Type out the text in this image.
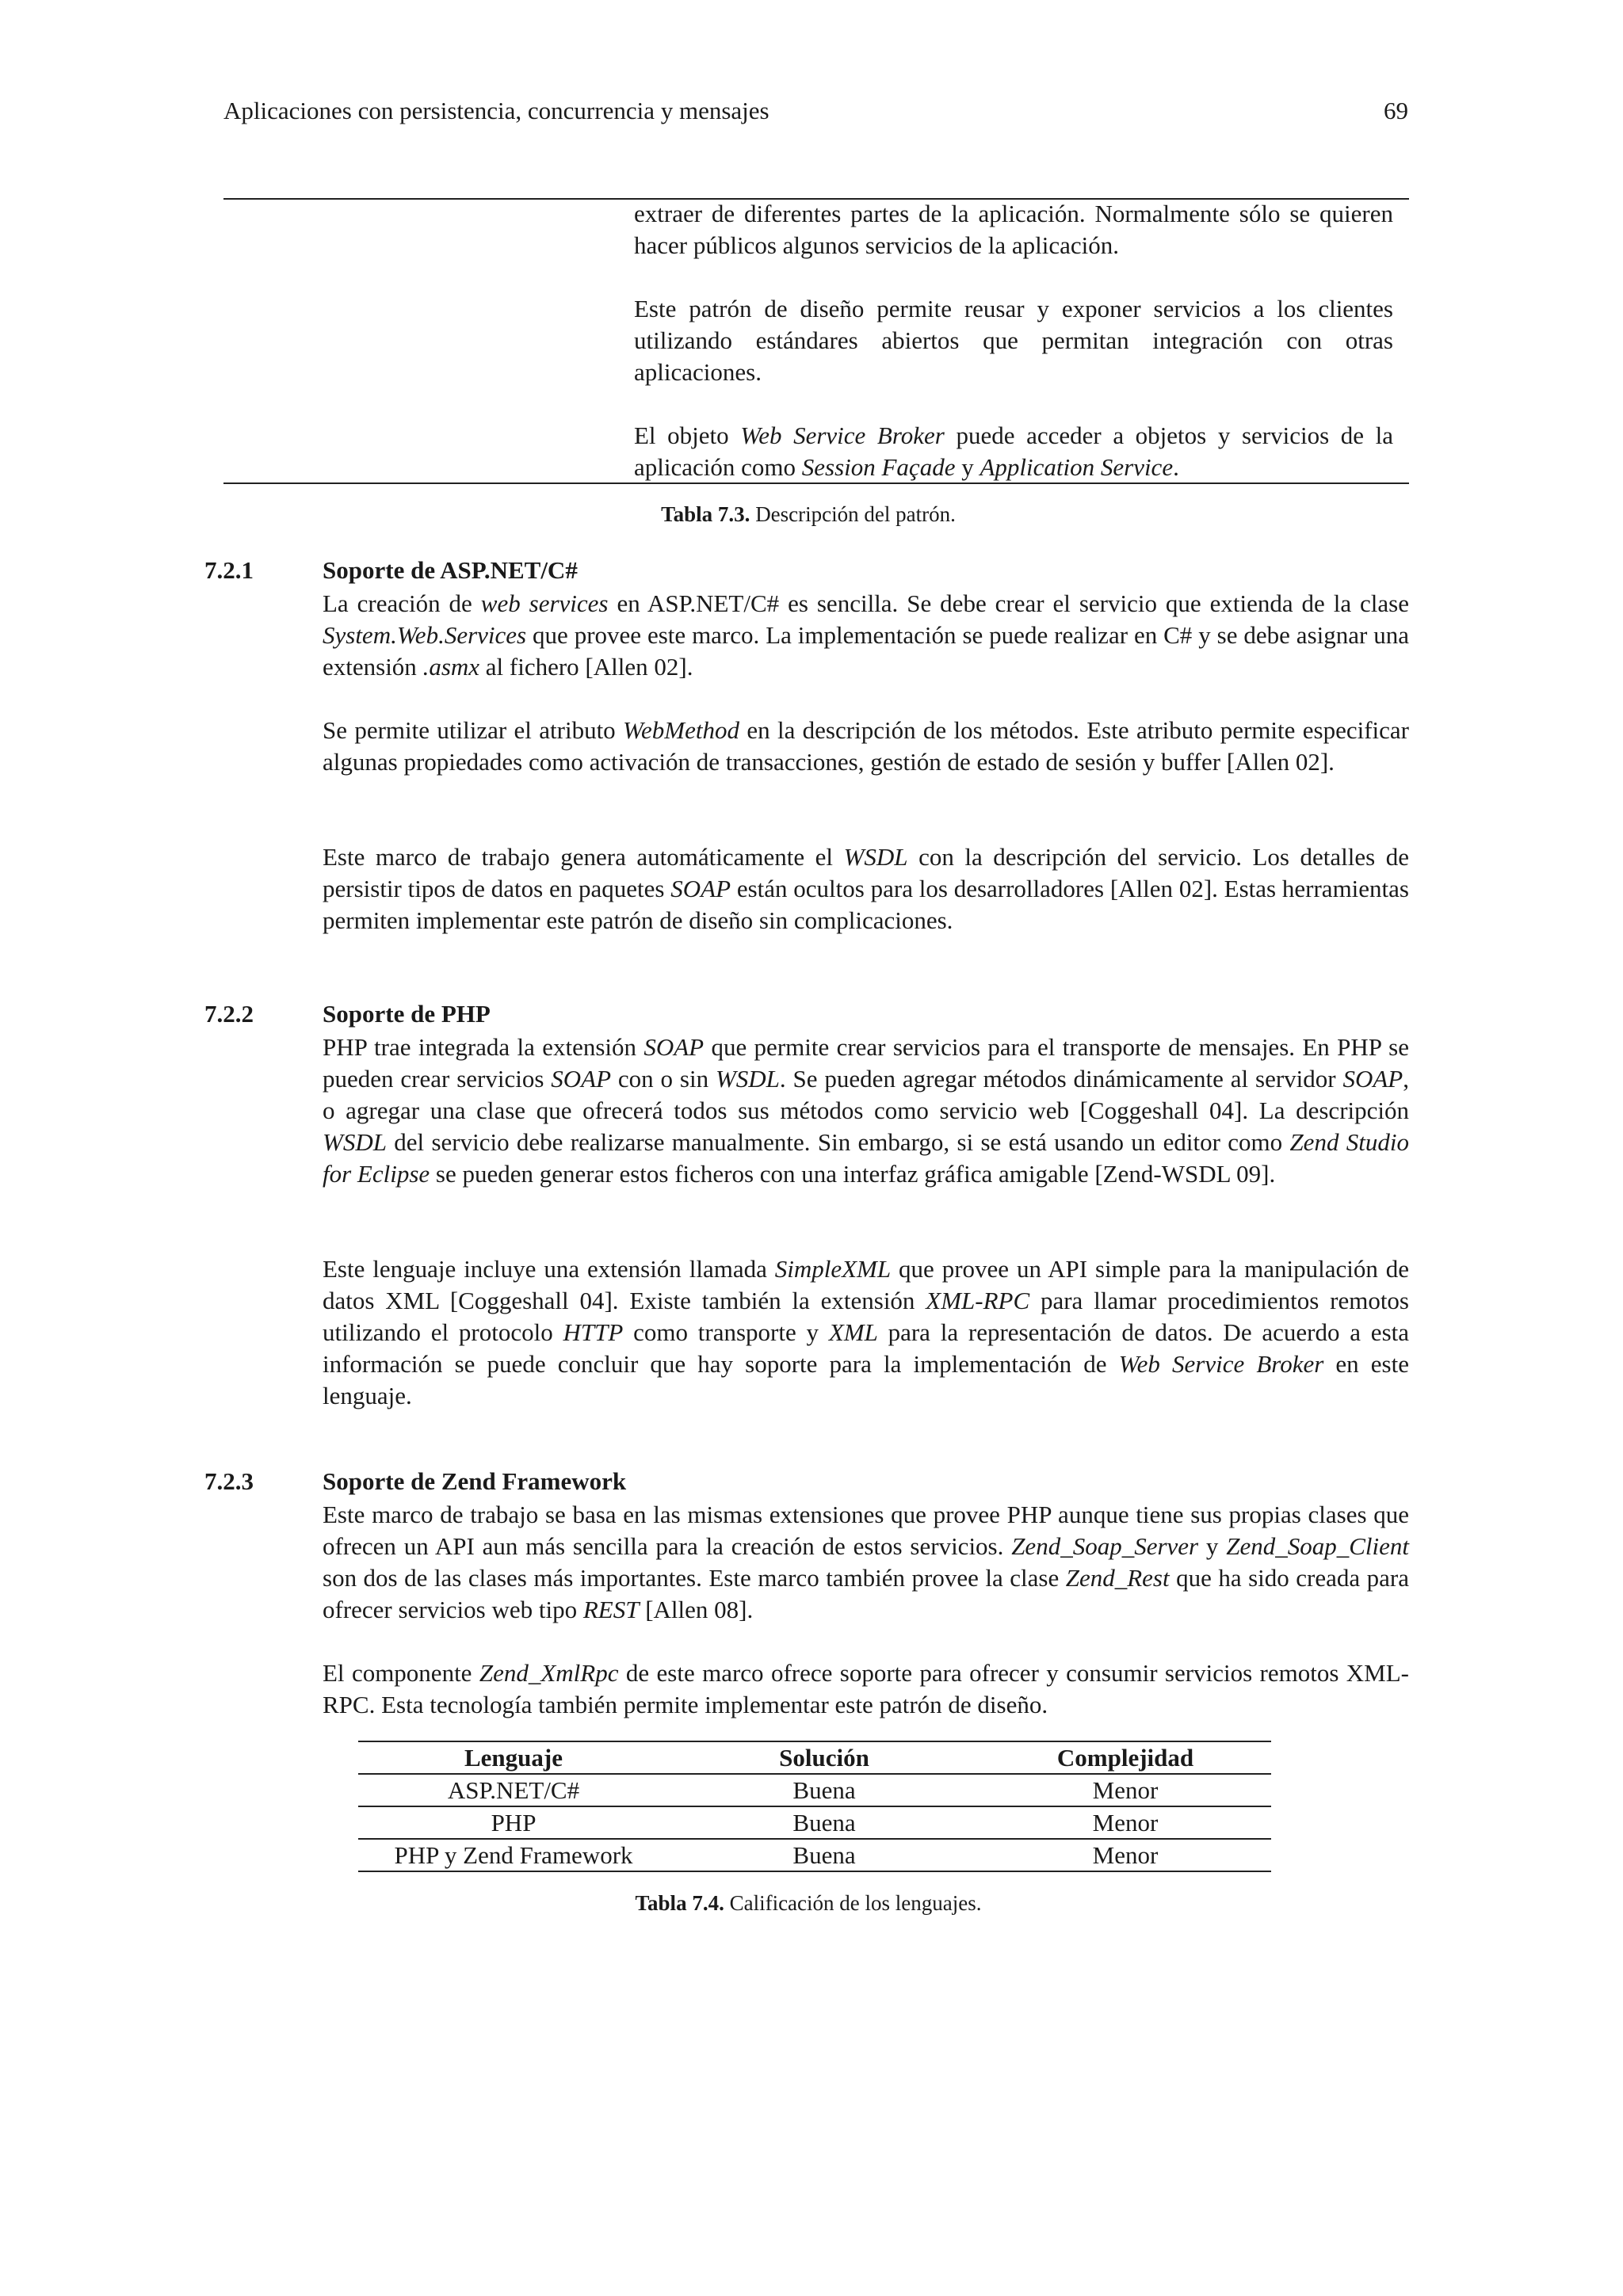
Aplicaciones con persistencia, concurrencia y mensajes	69
extraer de diferentes partes de la aplicación. Normalmente sólo se quieren hacer públicos algunos servicios de la aplicación.
Este patrón de diseño permite reusar y exponer servicios a los clientes utilizando estándares abiertos que permitan integración con otras aplicaciones.
El objeto Web Service Broker puede acceder a objetos y servicios de la aplicación como Session Façade y Application Service.
Tabla 7.3. Descripción del patrón.
7.2.1	Soporte de ASP.NET/C#
La creación de web services en ASP.NET/C# es sencilla. Se debe crear el servicio que extienda de la clase System.Web.Services que provee este marco. La implementación se puede realizar en C# y se debe asignar una extensión .asmx al fichero [Allen 02].
Se permite utilizar el atributo WebMethod en la descripción de los métodos. Este atributo permite especificar algunas propiedades como activación de transacciones, gestión de estado de sesión y buffer [Allen 02].
Este marco de trabajo genera automáticamente el WSDL con la descripción del servicio. Los detalles de persistir tipos de datos en paquetes SOAP están ocultos para los desarrolladores [Allen 02]. Estas herramientas permiten implementar este patrón de diseño sin complicaciones.
7.2.2	Soporte de PHP
PHP trae integrada la extensión SOAP que permite crear servicios para el transporte de mensajes. En PHP se pueden crear servicios SOAP con o sin WSDL. Se pueden agregar métodos dinámicamente al servidor SOAP, o agregar una clase que ofrecerá todos sus métodos como servicio web [Coggeshall 04]. La descripción WSDL del servicio debe realizarse manualmente. Sin embargo, si se está usando un editor como Zend Studio for Eclipse se pueden generar estos ficheros con una interfaz gráfica amigable [Zend-WSDL 09].
Este lenguaje incluye una extensión llamada SimpleXML que provee un API simple para la manipulación de datos XML [Coggeshall 04]. Existe también la extensión XML-RPC para llamar procedimientos remotos utilizando el protocolo HTTP como transporte y XML para la representación de datos. De acuerdo a esta información se puede concluir que hay soporte para la implementación de Web Service Broker en este lenguaje.
7.2.3	Soporte de Zend Framework
Este marco de trabajo se basa en las mismas extensiones que provee PHP aunque tiene sus propias clases que ofrecen un API aun más sencilla para la creación de estos servicios. Zend_Soap_Server y Zend_Soap_Client son dos de las clases más importantes. Este marco también provee la clase Zend_Rest que ha sido creada para ofrecer servicios web tipo REST [Allen 08].
El componente Zend_XmlRpc de este marco ofrece soporte para ofrecer y consumir servicios remotos XML-RPC. Esta tecnología también permite implementar este patrón de diseño.
Lenguaje	Solución	Complejidad
ASP.NET/C#	Buena	Menor
PHP	Buena	Menor
PHP y Zend Framework	Buena	Menor
Tabla 7.4. Calificación de los lenguajes.
